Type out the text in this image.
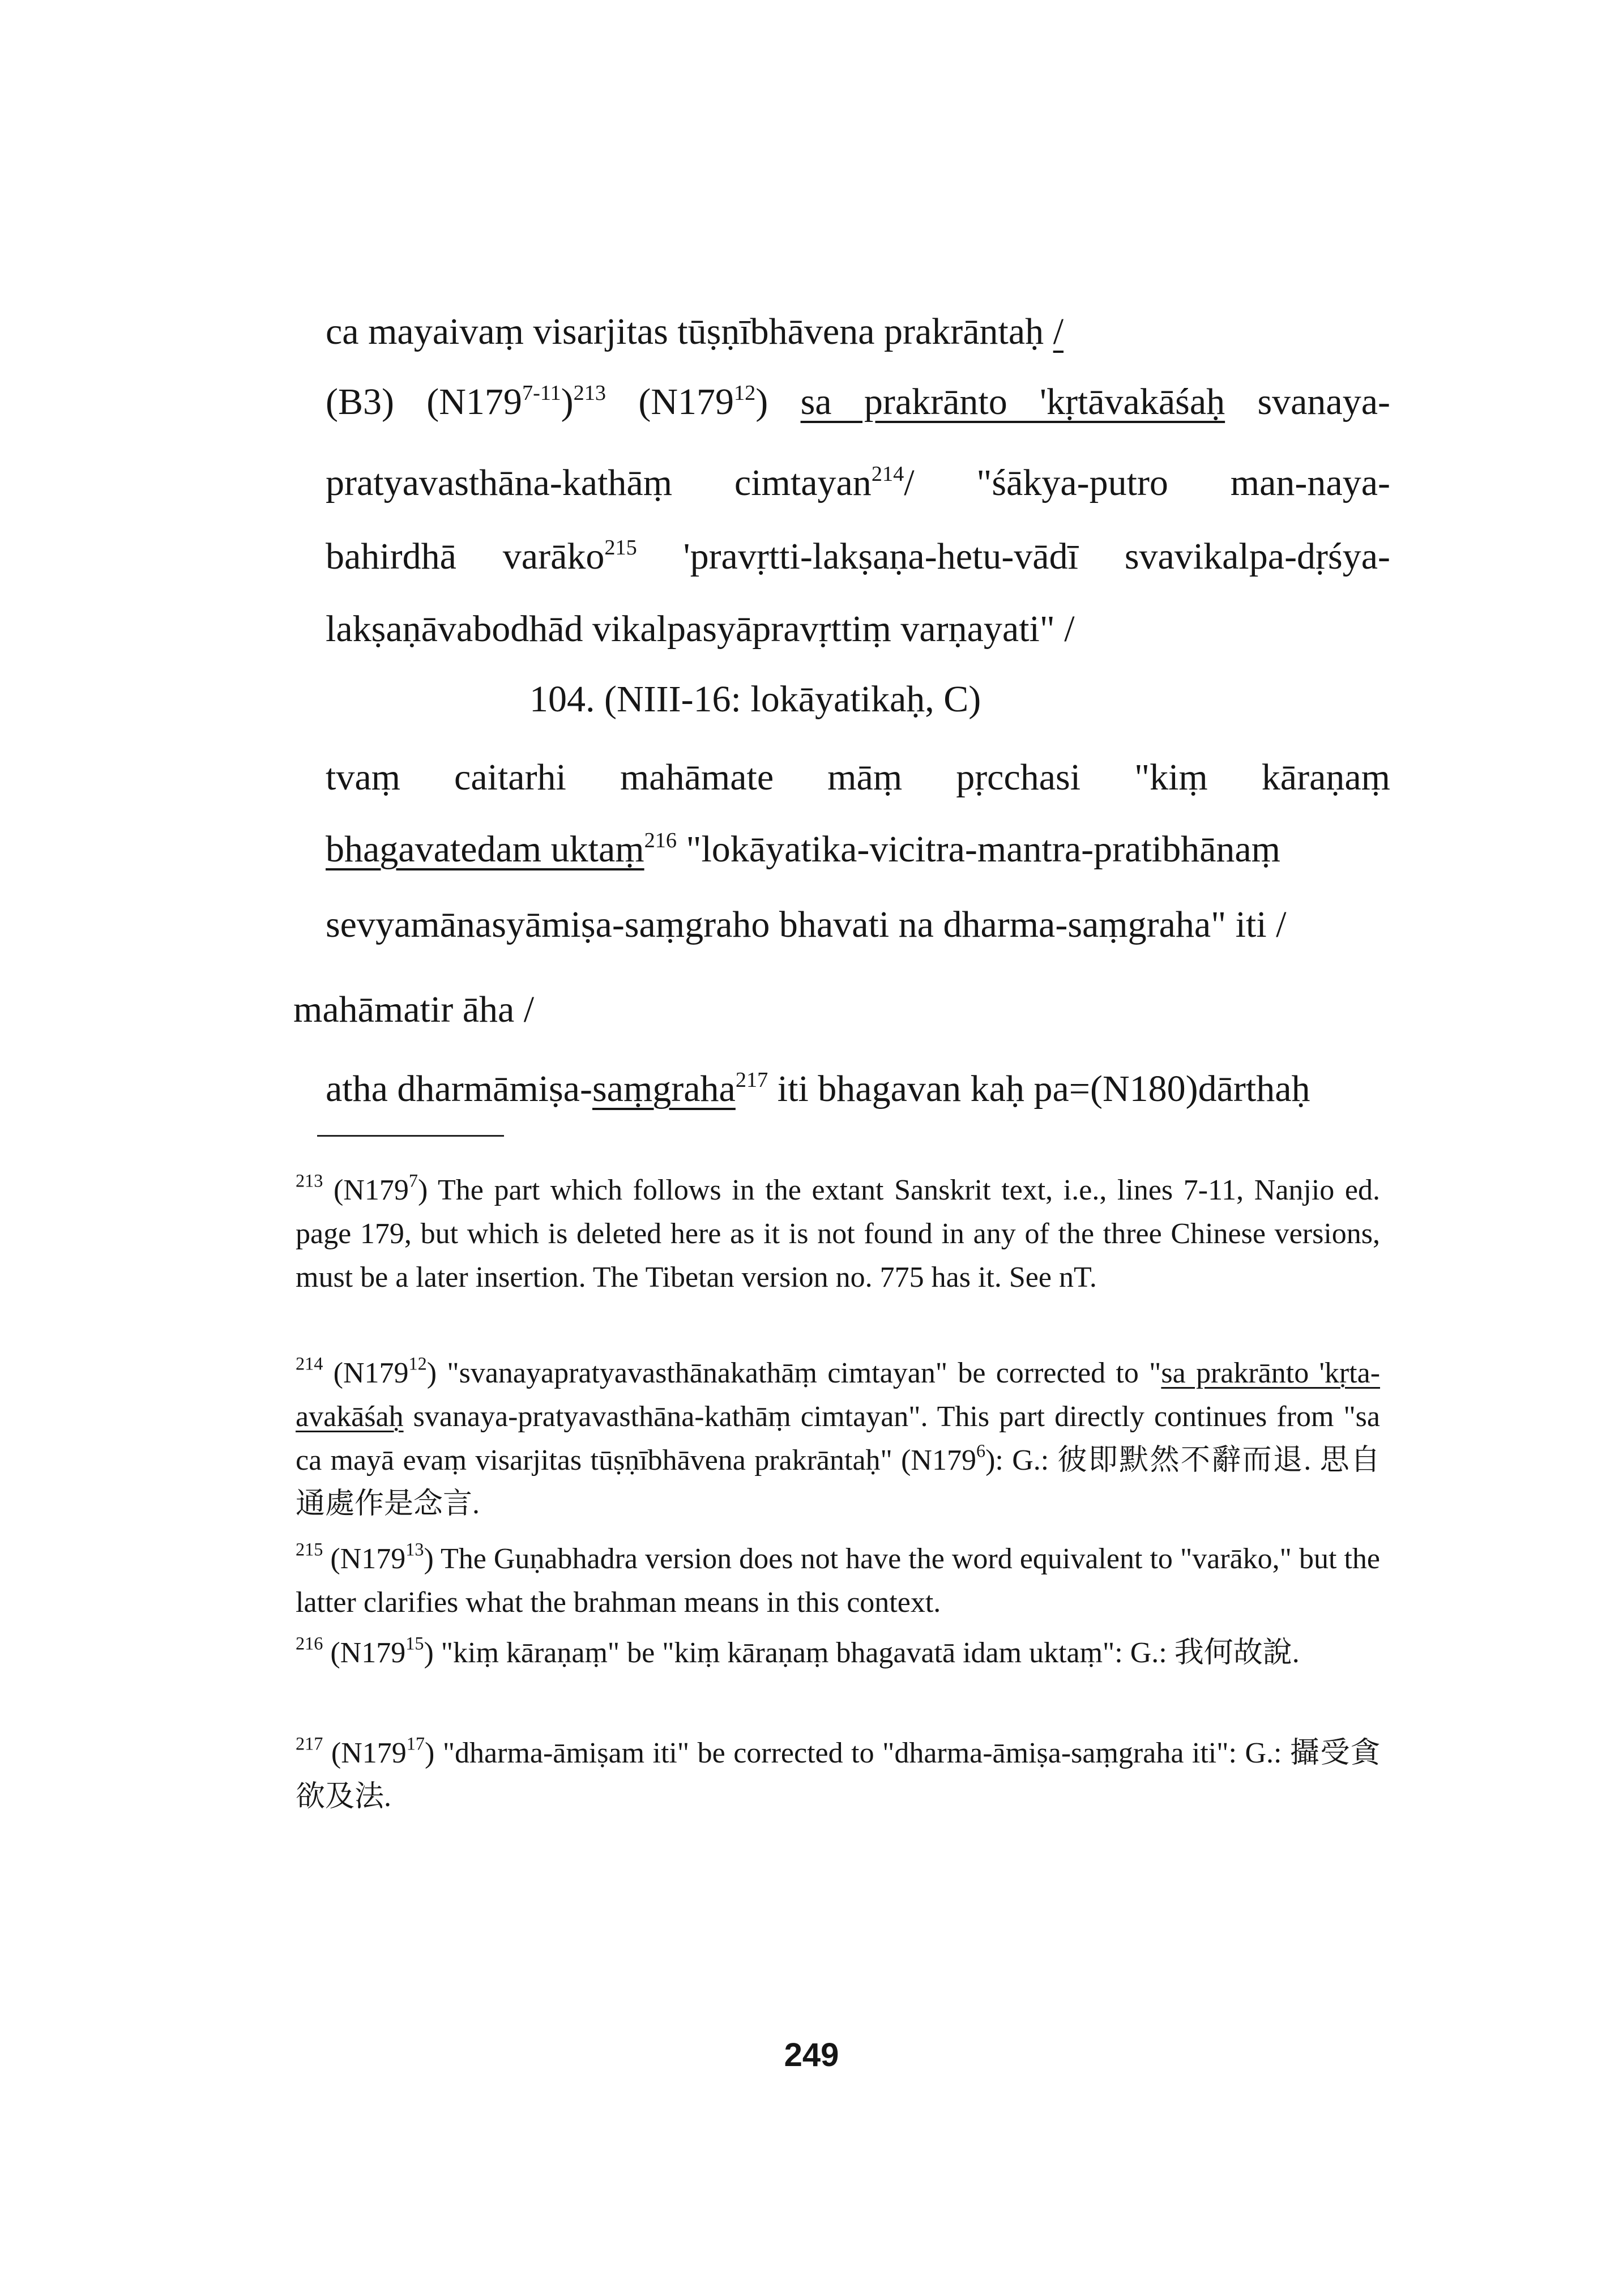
ca mayaivaṃ visarjitas tūṣṇībhāvena prakrāntaḥ /
(B3) $(N179^{7-11})^{213}$ $(N179^{12})$ sa prakrānto 'kṛtāvakāśaḥ svanaya-
pratyavasthāna-kathāṃ cimtayan$^{214}$/ "śākya-putro man-naya-
bahirdhā varāko$^{215}$ 'pravṛtti-lakṣaṇa-hetu-vādī svavikalpa-dṛśya-
lakṣaṇāvabodhād vikalpasyāpravṛttiṃ varṇayati" /
104. (NIII-16: lokāyatikaḥ, C)
tvaṃ caitarhi mahāmate māṃ pṛcchasi "kiṃ kāraṇaṃ
bhagavatedam uktaṃ$^{216}$ "lokāyatika-vicitra-mantra-pratibhānaṃ
sevyamānasyāmiṣa-saṃgraho bhavati na dharma-saṃgraha" iti /
mahāmatir āha /
atha dharmāmiṣa-saṃgraha$^{217}$ iti bhagavan kaḥ pa=(N180)dārthaḥ

$^{213}$ (N179$^7$) The part which follows in the extant Sanskrit text, i.e., lines 7-11, Nanjio ed. page 179, but which is deleted here as it is not found in any of the three Chinese versions, must be a later insertion. The Tibetan version no. 775 has it. See nT.

$^{214}$ (N179$^{12}$) "svanayapratyavasthānakathāṃ cimtayan" be corrected to "sa prakrānto 'kṛta-avakāśaḥ svanaya-pratyavasthāna-kathāṃ cimtayan". This part directly continues from "sa ca mayā evaṃ visarjitas tūṣṇībhāvena prakrāntaḥ" (N179$^6$): G.: 彼即默然不辭而退. 思自通處作是念言.

$^{215}$ (N179$^{13}$) The Guṇabhadra version does not have the word equivalent to "varāko," but the latter clarifies what the brahman means in this context.

$^{216}$ (N179$^{15}$) "kiṃ kāraṇaṃ" be "kiṃ kāraṇaṃ bhagavatā idam uktaṃ": G.: 我何故說.

$^{217}$ (N179$^{17}$) "dharma-āmiṣam iti" be corrected to "dharma-āmiṣa-saṃgraha iti": G.: 攝受貪欲及法.

249
